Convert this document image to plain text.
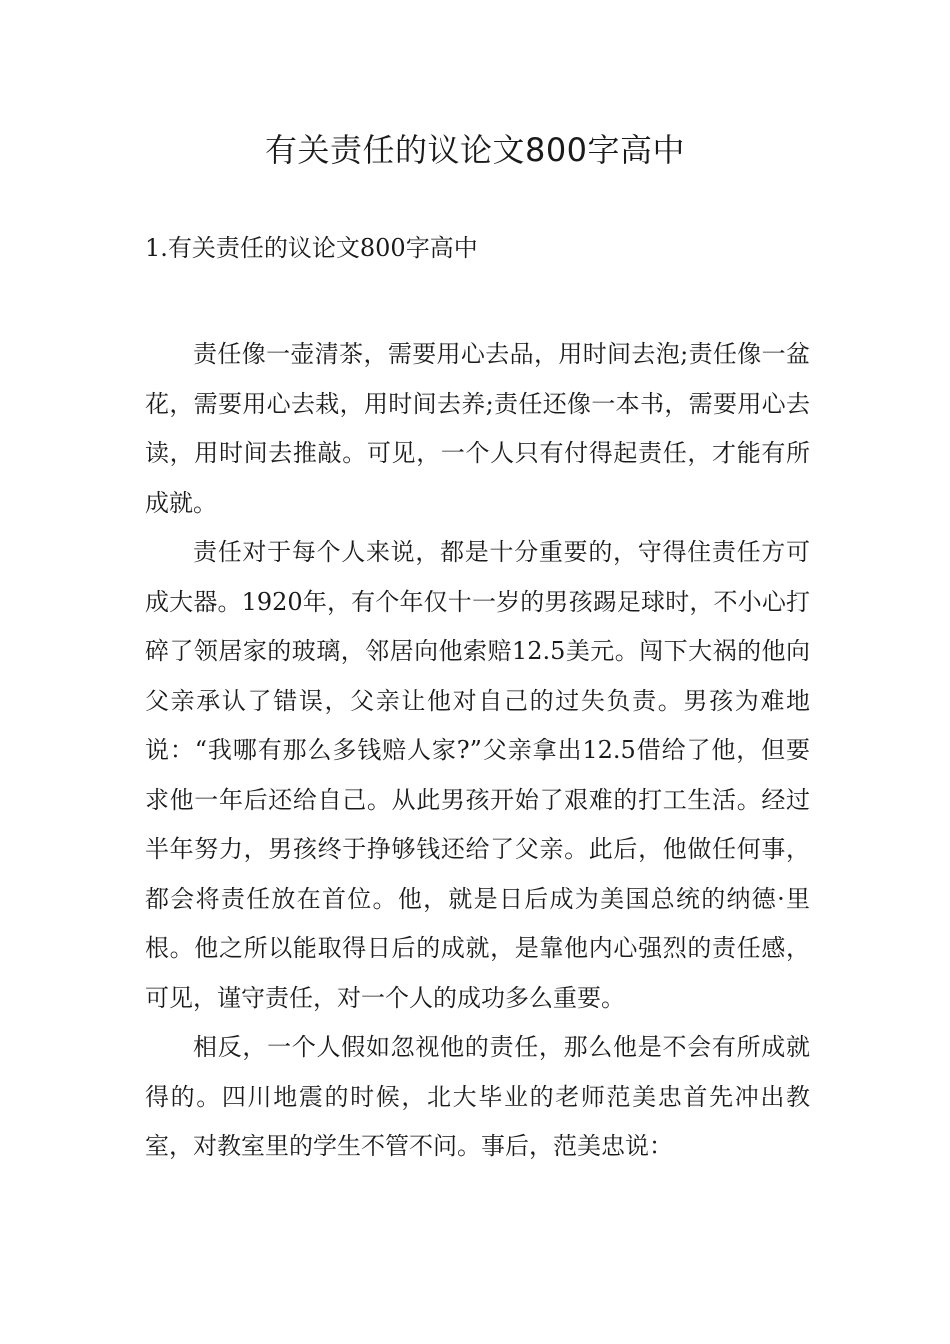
有关责任的议论文800字高中
1.有关责任的议论文800字高中

责任像一壶清茶，需要用心去品，用时间去泡;责任像一盆花，需要用心去栽，用时间去养;责任还像一本书，需要用心去读，用时间去推敲。可见，一个人只有付得起责任，才能有所成就。

责任对于每个人来说，都是十分重要的，守得住责任方可成大器。1920年，有个年仅十一岁的男孩踢足球时，不小心打碎了领居家的玻璃，邻居向他索赔12.5美元。闯下大祸的他向父亲承认了错误，父亲让他对自己的过失负责。男孩为难地说：“我哪有那么多钱赔人家?”父亲拿出12.5借给了他，但要求他一年后还给自己。从此男孩开始了艰难的打工生活。经过半年努力，男孩终于挣够钱还给了父亲。此后，他做任何事，都会将责任放在首位。他，就是日后成为美国总统的纳德·里根。他之所以能取得日后的成就，是靠他内心强烈的责任感，可见，谨守责任，对一个人的成功多么重要。

相反，一个人假如忽视他的责任，那么他是不会有所成就得的。四川地震的时候，北大毕业的老师范美忠首先冲出教室，对教室里的学生不管不问。事后，范美忠说：
